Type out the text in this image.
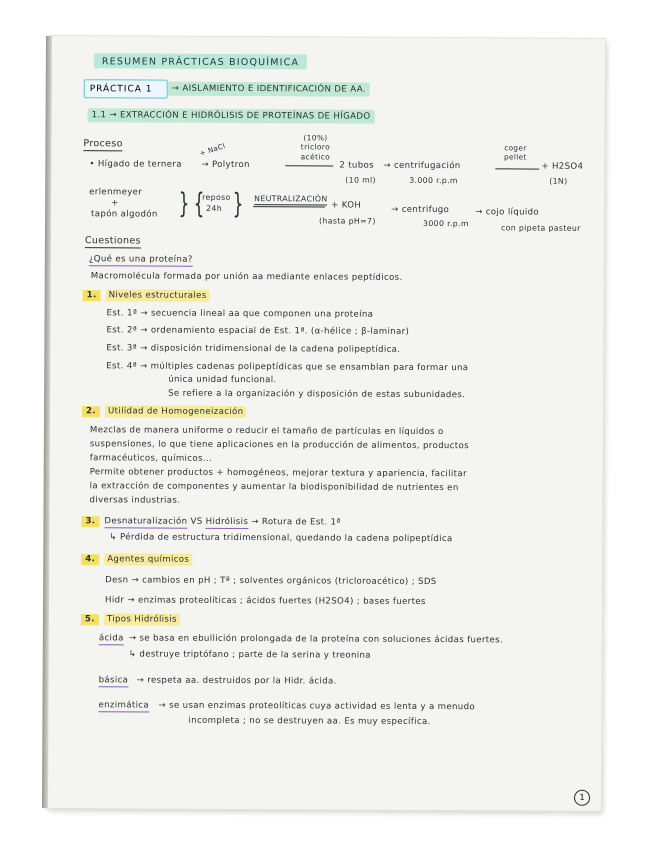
RESUMEN PRÁCTICAS BIOQUÍMICA
PRÁCTICA 1	→ AISLAMIENTO E IDENTIFICACIÓN DE AA.
1.1 → EXTRACCIÓN E HIDRÓLISIS DE PROTEÍNAS DE HÍGADO
Proceso	+ NaCl
• Hígado de ternera → Polytron
(10%) tricloro acético
2 tubos
(10 ml)
→ centrifugación
3.000 r.p.m
coger pellet
+ H2SO4
(1N)
erlenmeyer
+
tapón algodón } {
reposo
24h } NEUTRALIZACIÓN
+ KOH
(hasta pH=7)
→ centrifugo
3000 r.p.m
→ cojo líquido
con pipeta pasteur
Cuestiones
¿Qué es una proteína?
Macromolécula formada por unión aa mediante enlaces peptídicos.
1. Niveles estructurales
Est. 1ª → secuencia lineal aa que componen una proteína
Est. 2ª → ordenamiento espacial de Est. 1ª. (α-hélice ; β-laminar)
Est. 3ª → disposición tridimensional de la cadena polipeptídica.
Est. 4ª → múltiples cadenas polipeptídicas que se ensamblan para formar una
única unidad funcional.
Se refiere a la organización y disposición de estas subunidades.
2. Utilidad de Homogeneización
Mezclas de manera uniforme o reducir el tamaño de partículas en líquidos o
suspensiones, lo que tiene aplicaciones en la producción de alimentos, productos
farmacéuticos, químicos...
Permite obtener productos + homogéneos, mejorar textura y apariencia, facilitar
la extracción de componentes y aumentar la biodisponibilidad de nutrientes en
diversas industrias.
3. Desnaturalización VS Hidrólisis → Rotura de Est. 1ª
↳ Pérdida de estructura tridimensional, quedando la cadena polipeptídica
4. Agentes químicos
Desn → cambios en pH ; Tª ; solventes orgánicos (tricloroacético) ; SDS
Hidr → enzimas proteolíticas ; ácidos fuertes (H2SO4) ; bases fuertes
5. Tipos Hidrólisis
ácida → se basa en ebullición prolongada de la proteína con soluciones ácidas fuertes.
↳ destruye triptófano ; parte de la serina y treonina
básica → respeta aa. destruidos por la Hidr. ácida.
enzimática → se usan enzimas proteolíticas cuya actividad es lenta y a menudo
incompleta ; no se destruyen aa. Es muy específica.
1
